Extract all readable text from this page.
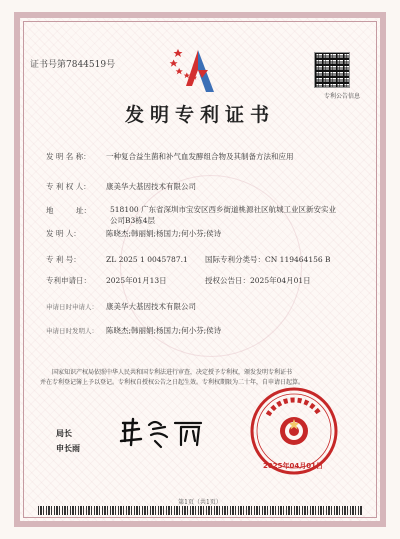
证书号第7844519号
专利公告信息
发明专利证书
发 明 名 称： 一种复合益生菌和补气血发酵组合物及其制备方法和应用
专 利 权 人： 康美华大基因技术有限公司
地　　　址：	518100 广东省深圳市宝安区西乡街道桃源社区航城工业区新安实业公司B3栋4层
发 明 人：	陈晓杰;韩丽娟;杨国力;何小芬;侯诗
专 利 号：	ZL 2025 1 0045787.1 国际专利分类号：CN 119464156 B
专利申请日： 2025年01月13日	授权公告日：2025年04月01日
申请日时申请人： 康美华大基因技术有限公司
申请日时发明人： 陈晓杰;韩丽娟;杨国力;何小芬;侯诗
国家知识产权局依照中华人民共和国专利法进行审查，决定授予专利权，颁发发明专利证书
并在专利登记簿上予以登记。专利权自授权公告之日起生效。专利权期限为二十年，自申请日起算。
局长
申长雨
2025年04月01日
第1页（共1页）
